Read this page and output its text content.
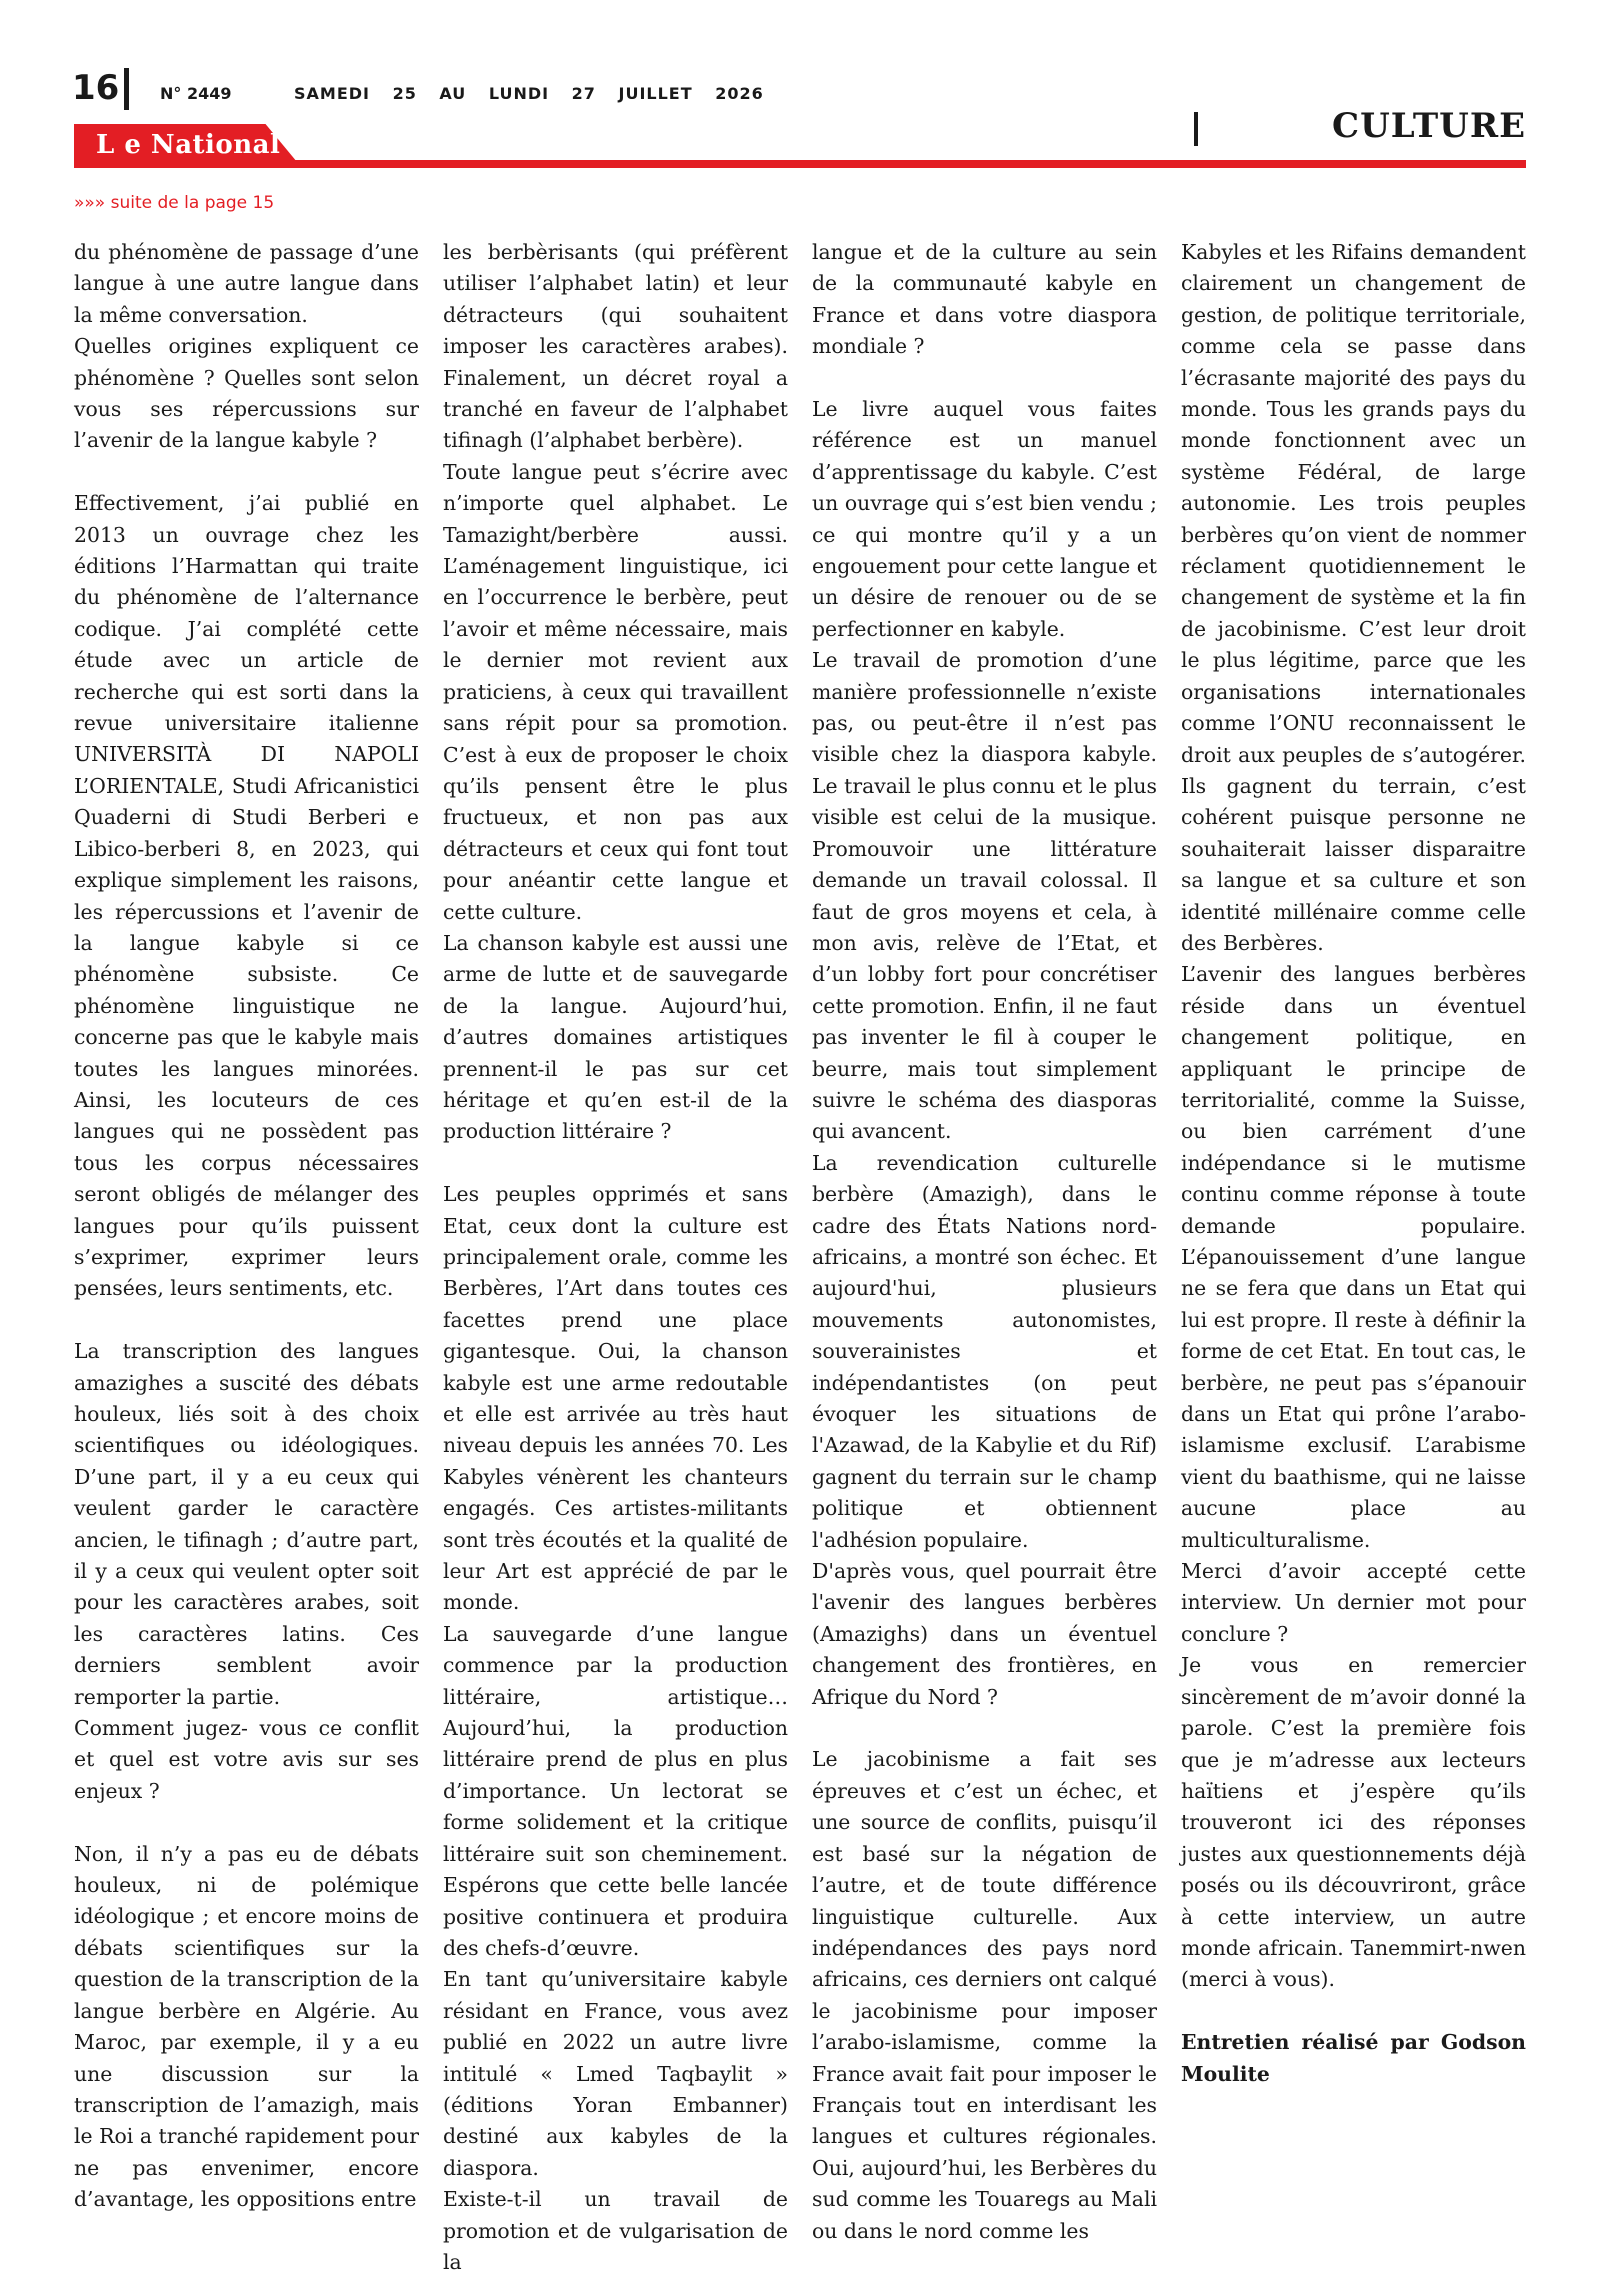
16	N° 2449	SAMEDI 25 AU LUNDI 27 JUILLET 2026
CULTURE
L e National
»»» suite de la page 15

du phénomène de passage d’une langue à une autre langue dans la même conversation.

Quelles origines expliquent ce phénomène ? Quelles sont selon vous ses répercussions sur l’avenir de la langue kabyle ?

Effectivement, j’ai publié en 2013 un ouvrage chez les éditions l’Harmattan qui traite du phénomène de l’alternance codique. J’ai complété cette étude avec un article de recherche qui est sorti dans la revue universitaire italienne UNIVERSITÀ DI NAPOLI L’ORIENTALE, Studi Africanistici Quaderni di Studi Berberi e Libico-berberi 8, en 2023, qui explique simplement les raisons, les répercussions et l’avenir de la langue kabyle si ce phénomène subsiste. Ce phénomène linguistique ne concerne pas que le kabyle mais toutes les langues minorées. Ainsi, les locuteurs de ces langues qui ne possèdent pas tous les corpus nécessaires seront obligés de mélanger des langues pour qu’ils puissent s’exprimer, exprimer leurs pensées, leurs sentiments, etc.

La transcription des langues amazighes a suscité des débats houleux, liés soit à des choix scientifiques ou idéologiques. D’une part, il y a eu ceux qui veulent garder le caractère ancien, le tifinagh ; d’autre part, il y a ceux qui veulent opter soit pour les caractères arabes, soit les caractères latins. Ces derniers semblent avoir remporter la partie.

Comment jugez- vous ce conflit et quel est votre avis sur ses enjeux ?

Non, il n’y a pas eu de débats houleux, ni de polémique idéologique ; et encore moins de débats scientifiques sur la question de la transcription de la langue berbère en Algérie. Au Maroc, par exemple, il y a eu une discussion sur la transcription de l’amazigh, mais le Roi a tranché rapidement pour ne pas envenimer, encore d’avantage, les oppositions entre

les berbèrisants (qui préfèrent utiliser l’alphabet latin) et leur détracteurs (qui souhaitent imposer les caractères arabes). Finalement, un décret royal a tranché en faveur de l’alphabet tifinagh (l’alphabet berbère).

Toute langue peut s’écrire avec n’importe quel alphabet. Le Tamazight/berbère aussi. L’aménagement linguistique, ici en l’occurrence le berbère, peut l’avoir et même nécessaire, mais le dernier mot revient aux praticiens, à ceux qui travaillent sans répit pour sa promotion. C’est à eux de proposer le choix qu’ils pensent être le plus fructueux, et non pas aux détracteurs et ceux qui font tout pour anéantir cette langue et cette culture.

La chanson kabyle est aussi une arme de lutte et de sauvegarde de la langue. Aujourd’hui, d’autres domaines artistiques prennent-il le pas sur cet héritage et qu’en est-il de la production littéraire ?

Les peuples opprimés et sans Etat, ceux dont la culture est principalement orale, comme les Berbères, l’Art dans toutes ces facettes prend une place gigantesque. Oui, la chanson kabyle est une arme redoutable et elle est arrivée au très haut niveau depuis les années 70. Les Kabyles vénèrent les chanteurs engagés. Ces artistes-militants sont très écoutés et la qualité de leur Art est apprécié de par le monde.

La sauvegarde d’une langue commence par la production littéraire, artistique… Aujourd’hui, la production littéraire prend de plus en plus d’importance. Un lectorat se forme solidement et la critique littéraire suit son cheminement. Espérons que cette belle lancée positive continuera et produira des chefs-d’œuvre.

En tant qu’universitaire kabyle résidant en France, vous avez publié en 2022 un autre livre intitulé « Lmed Taqbaylit » (éditions Yoran Embanner) destiné aux kabyles de la diaspora.

Existe-t-il un travail de promotion et de vulgarisation de la

langue et de la culture au sein de la communauté kabyle en France et dans votre diaspora mondiale ?

Le livre auquel vous faites référence est un manuel d’apprentissage du kabyle. C’est un ouvrage qui s’est bien vendu ; ce qui montre qu’il y a un engouement pour cette langue et un désire de renouer ou de se perfectionner en kabyle.

Le travail de promotion d’une manière professionnelle n’existe pas, ou peut-être il n’est pas visible chez la diaspora kabyle. Le travail le plus connu et le plus visible est celui de la musique. Promouvoir une littérature demande un travail colossal. Il faut de gros moyens et cela, à mon avis, relève de l’Etat, et d’un lobby fort pour concrétiser cette promotion. Enfin, il ne faut pas inventer le fil à couper le beurre, mais tout simplement suivre le schéma des diasporas qui avancent.

La revendication culturelle berbère (Amazigh), dans le cadre des États Nations nord-africains, a montré son échec. Et aujourd'hui, plusieurs mouvements autonomistes, souverainistes et indépendantistes (on peut évoquer les situations de l'Azawad, de la Kabylie et du Rif) gagnent du terrain sur le champ politique et obtiennent l'adhésion populaire.

D'après vous, quel pourrait être l'avenir des langues berbères (Amazighs) dans un éventuel changement des frontières, en Afrique du Nord ?

Le jacobinisme a fait ses épreuves et c’est un échec, et une source de conflits, puisqu’il est basé sur la négation de l’autre, et de toute différence linguistique culturelle. Aux indépendances des pays nord africains, ces derniers ont calqué le jacobinisme pour imposer l’arabo-islamisme, comme la France avait fait pour imposer le Français tout en interdisant les langues et cultures régionales. Oui, aujourd’hui, les Berbères du sud comme les Touaregs au Mali ou dans le nord comme les

Kabyles et les Rifains demandent clairement un changement de gestion, de politique territoriale, comme cela se passe dans l’écrasante majorité des pays du monde. Tous les grands pays du monde fonctionnent avec un système Fédéral, de large autonomie. Les trois peuples berbères qu’on vient de nommer réclament quotidiennement le changement de système et la fin de jacobinisme. C’est leur droit le plus légitime, parce que les organisations internationales comme l’ONU reconnaissent le droit aux peuples de s’autogérer. Ils gagnent du terrain, c’est cohérent puisque personne ne souhaiterait laisser disparaitre sa langue et sa culture et son identité millénaire comme celle des Berbères.

L’avenir des langues berbères réside dans un éventuel changement politique, en appliquant le principe de territorialité, comme la Suisse, ou bien carrément d’une indépendance si le mutisme continu comme réponse à toute demande populaire. L’épanouissement d’une langue ne se fera que dans un Etat qui lui est propre. Il reste à définir la forme de cet Etat. En tout cas, le berbère, ne peut pas s’épanouir dans un Etat qui prône l’arabo-islamisme exclusif. L’arabisme vient du baathisme, qui ne laisse aucune place au multiculturalisme.

Merci d’avoir accepté cette interview. Un dernier mot pour conclure ?

Je vous en remercier sincèrement de m’avoir donné la parole. C’est la première fois que je m’adresse aux lecteurs haïtiens et j’espère qu’ils trouveront ici des réponses justes aux questionnements déjà posés ou ils découvriront, grâce à cette interview, un autre monde africain. Tanemmirt-nwen (merci à vous).

Entretien réalisé par Godson Moulite
